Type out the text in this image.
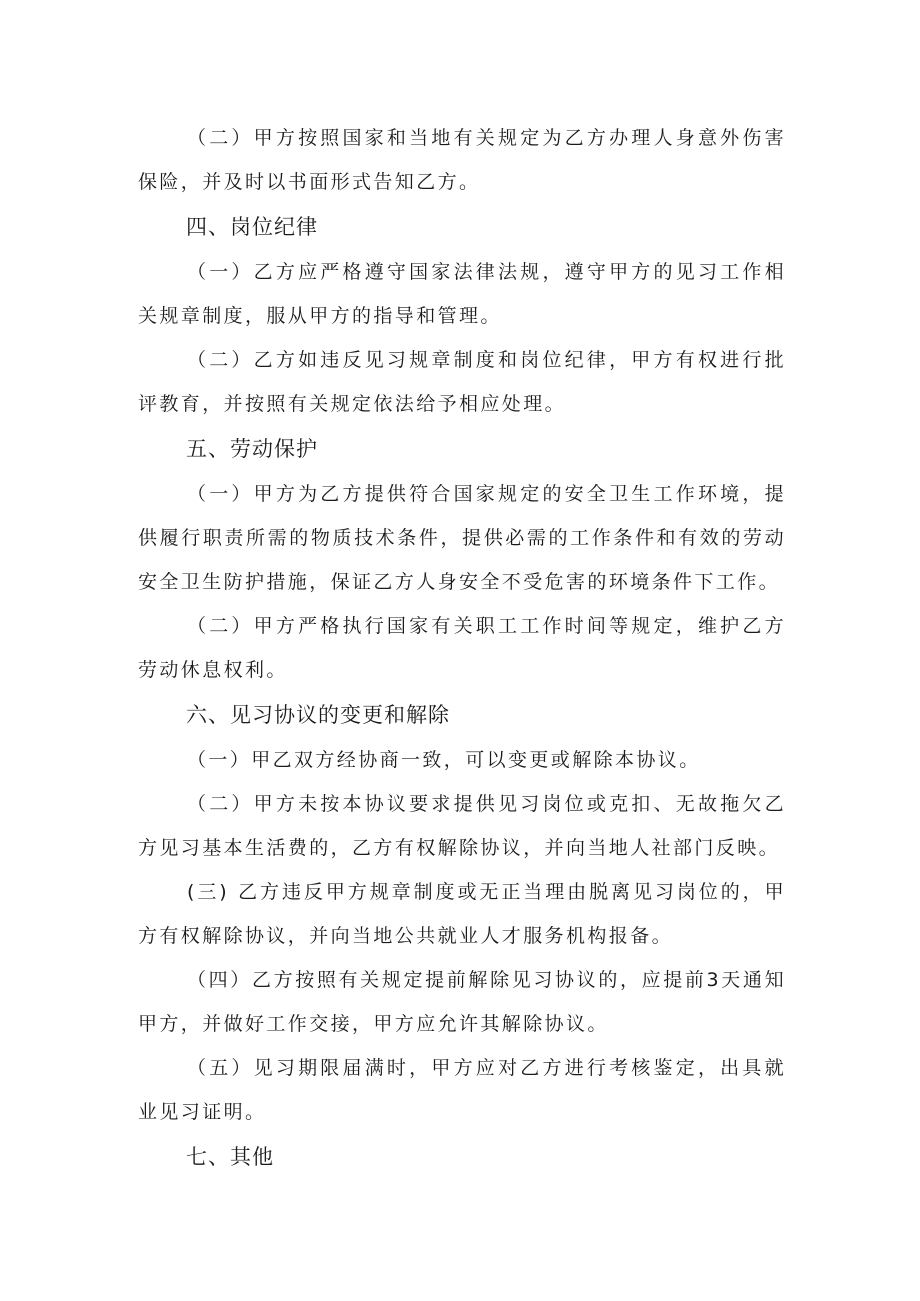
（二）甲方按照国家和当地有关规定为乙方办理人身意外伤害保险，并及时以书面形式告知乙方。

四、岗位纪律

（一）乙方应严格遵守国家法律法规，遵守甲方的见习工作相关规章制度，服从甲方的指导和管理。

（二）乙方如违反见习规章制度和岗位纪律，甲方有权进行批评教育，并按照有关规定依法给予相应处理。

五、劳动保护

（一）甲方为乙方提供符合国家规定的安全卫生工作环境，提供履行职责所需的物质技术条件，提供必需的工作条件和有效的劳动安全卫生防护措施，保证乙方人身安全不受危害的环境条件下工作。

（二）甲方严格执行国家有关职工工作时间等规定，维护乙方劳动休息权利。

六、见习协议的变更和解除

（一）甲乙双方经协商一致，可以变更或解除本协议。

（二）甲方未按本协议要求提供见习岗位或克扣、无故拖欠乙方见习基本生活费的，乙方有权解除协议，并向当地人社部门反映。

(三) 乙方违反甲方规章制度或无正当理由脱离见习岗位的，甲方有权解除协议，并向当地公共就业人才服务机构报备。

（四）乙方按照有关规定提前解除见习协议的，应提前3天通知甲方，并做好工作交接，甲方应允许其解除协议。

（五）见习期限届满时，甲方应对乙方进行考核鉴定，出具就业见习证明。

七、其他
